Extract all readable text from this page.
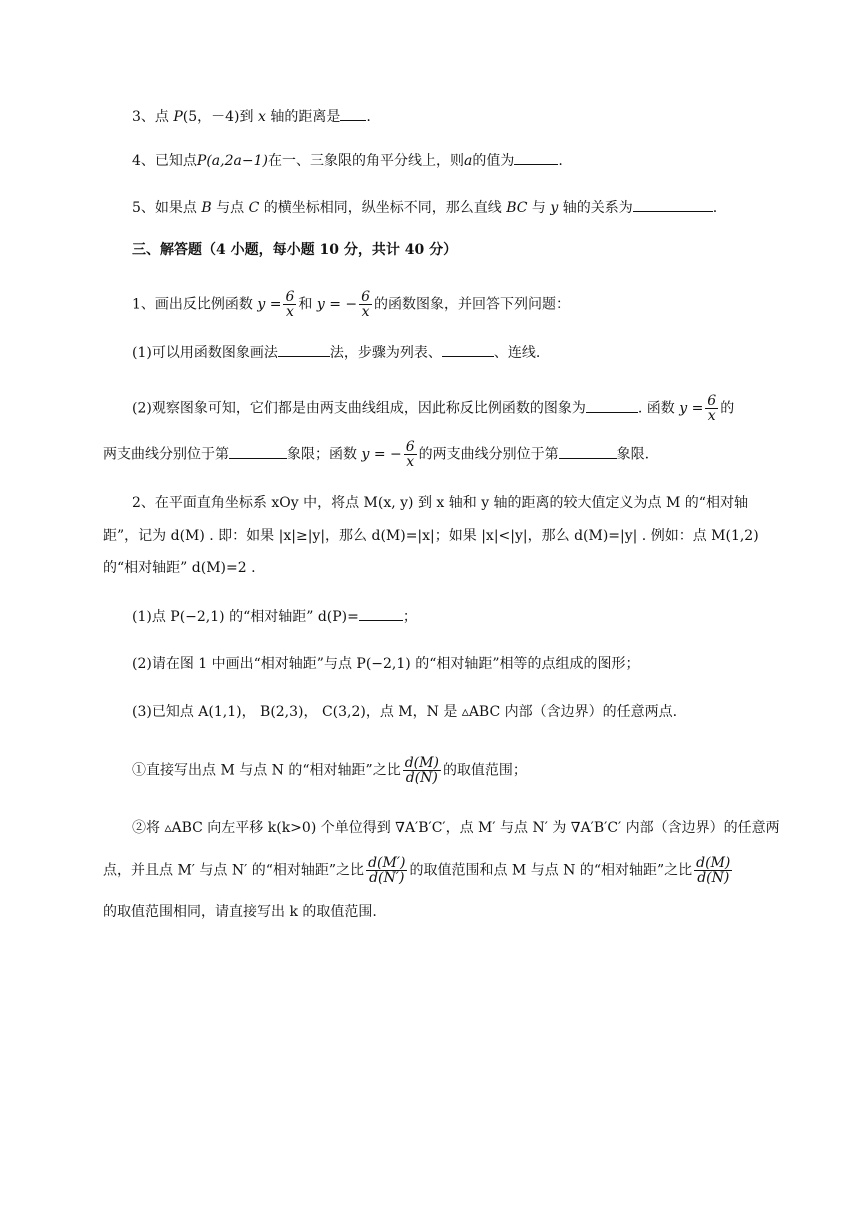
3、点 P(5，－4)到 x 轴的距离是 .
4、已知点P(a,2a−1)在一、三象限的角平分线上，则a的值为	.
5、如果点 B 与点 C 的横坐标相同，纵坐标不同，那么直线 BC 与 y 轴的关系为	.
三、解答题（4 小题，每小题 10 分，共计 40 分）
1、画出反比例函数 $y = \frac{6}{x}$ 和 y = − $\frac{6}{x}$ 的函数图象，并回答下列问题：
(1)可以用函数图象画法	法，步骤为列表、	、连线.
(2)观察图象可知，它们都是由两支曲线组成，因此称反比例函数的图象为	. 函数 $y = \frac{6}{x}$ 的
两支曲线分别位于第	象限；函数 y = − $\frac{6}{x}$ 的两支曲线分别位于第	象限.
2、在平面直角坐标系 xOy 中，将点 M(x, y) 到 x 轴和 y 轴的距离的较大值定义为点 M 的“相对轴
距”，记为 d(M) . 即：如果 |x|≥|y|，那么 d(M)=|x|；如果 |x|<|y|，那么 d(M)=|y| . 例如：点 M(1,2)
的“相对轴距” d(M)=2 .
(1)点 P(−2,1) 的“相对轴距” d(P)=	；
(2)请在图 1 中画出“相对轴距”与点 P(−2,1) 的“相对轴距”相等的点组成的图形；
(3)已知点 A(1,1)， B(2,3)， C(3,2)，点 M，N 是 ▵ABC 内部（含边界）的任意两点.
①直接写出点 M 与点 N 的“相对轴距”之比 $\frac{d(M)}{d(N)}$ 的取值范围；
②将 ▵ABC 向左平移 k(k>0) 个单位得到 ∇A′B′C′，点 M′ 与点 N′ 为 ∇A′B′C′ 内部（含边界）的任意两
点，并且点 M′ 与点 N′ 的“相对轴距”之比 $\frac{d(M')}{d(N')}$ 的取值范围和点 M 与点 N 的“相对轴距”之比 $\frac{d(M)}{d(N)}$
的取值范围相同，请直接写出 k 的取值范围.
